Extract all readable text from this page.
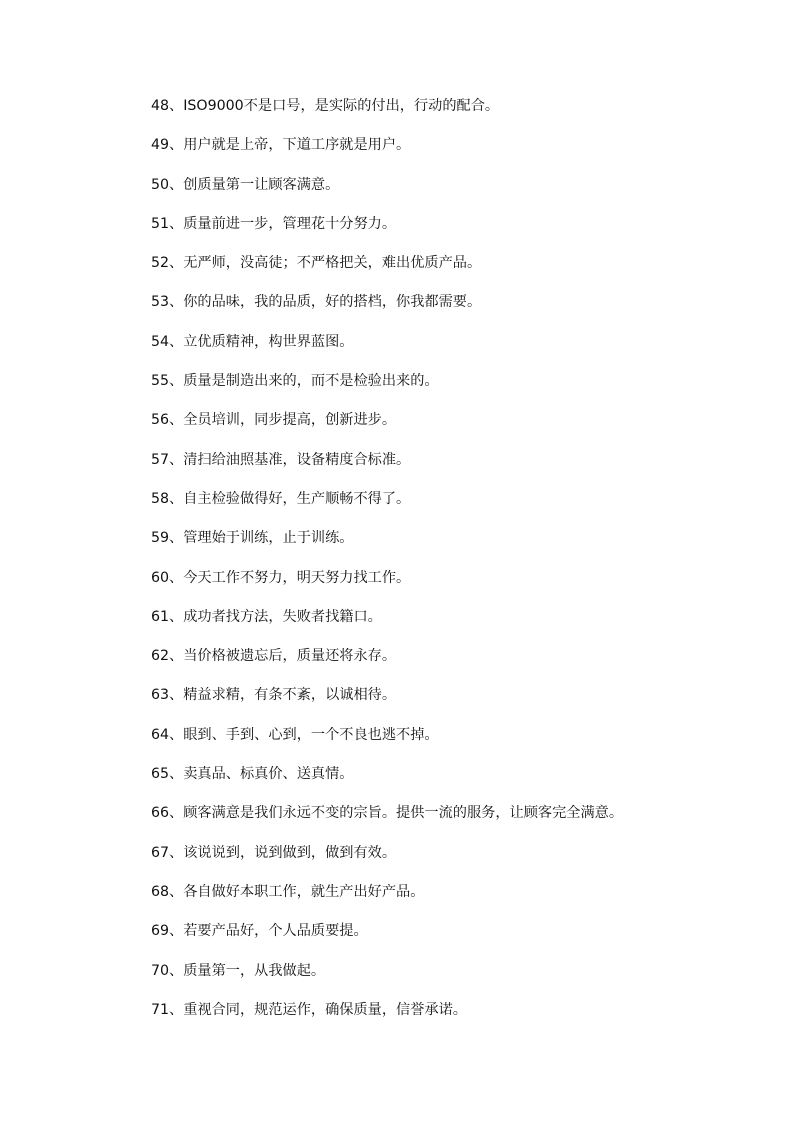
48、ISO9000不是口号，是实际的付出，行动的配合。
49、用户就是上帝，下道工序就是用户。
50、创质量第一让顾客满意。
51、质量前进一步，管理花十分努力。
52、无严师，没高徒；不严格把关，难出优质产品。
53、你的品味，我的品质，好的搭档，你我都需要。
54、立优质精神，构世界蓝图。
55、质量是制造出来的，而不是检验出来的。
56、全员培训，同步提高，创新进步。
57、清扫给油照基准，设备精度合标准。
58、自主检验做得好，生产顺畅不得了。
59、管理始于训练，止于训练。
60、今天工作不努力，明天努力找工作。
61、成功者找方法，失败者找籍口。
62、当价格被遗忘后，质量还将永存。
63、精益求精，有条不紊，以诚相待。
64、眼到、手到、心到，一个不良也逃不掉。
65、卖真品、标真价、送真情。
66、顾客满意是我们永远不变的宗旨。提供一流的服务，让顾客完全满意。
67、该说说到，说到做到，做到有效。
68、各自做好本职工作，就生产出好产品。
69、若要产品好，个人品质要提。
70、质量第一，从我做起。
71、重视合同，规范运作，确保质量，信誉承诺。
